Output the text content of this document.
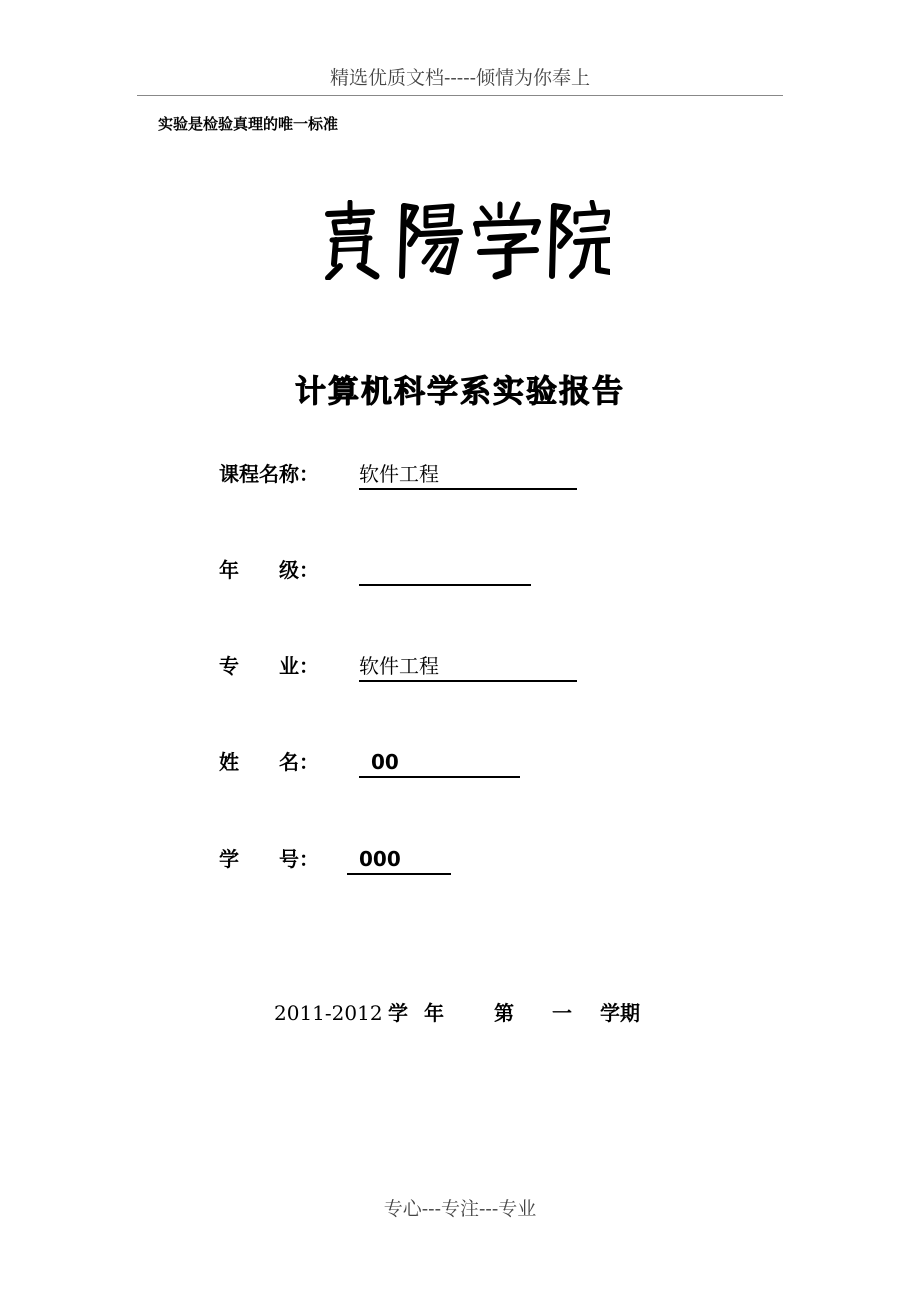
精选优质文档-----倾情为你奉上
实验是检验真理的唯一标准
计算机科学系实验报告
课程名称： 软件工程
年　　级：
专　　业： 软件工程
姓　　名：	00
学　　号：	000
2011-2012 学 年	第 一 学期
专心---专注---专业
